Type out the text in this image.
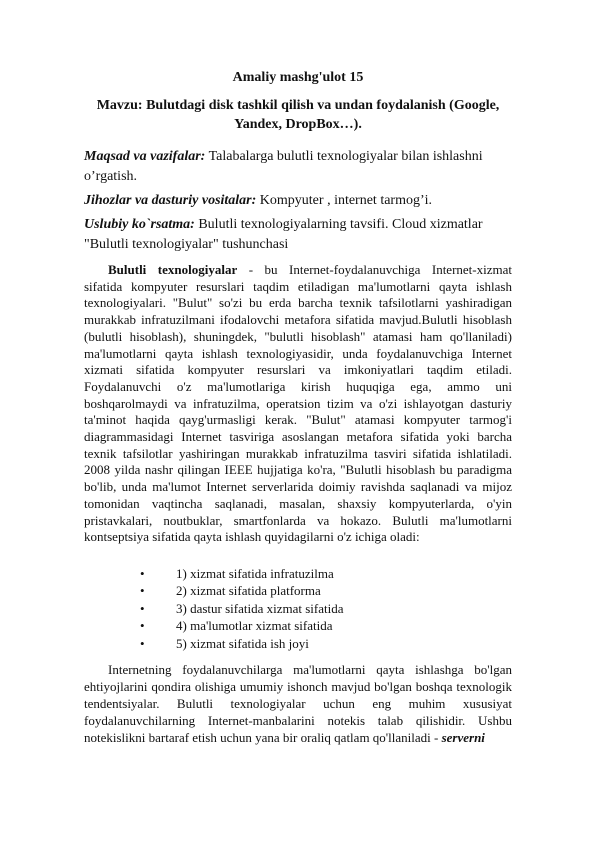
Amaliy mashg'ulot 15
Mavzu: Bulutdagi disk tashkil qilish va undan foydalanish (Google, Yandex, DropBox…).
Maqsad va vazifalar: Talabalarga bulutli texnologiyalar bilan ishlashni o’rgatish.
Jihozlar va dasturiy vositalar: Kompyuter , internet tarmog’i.
Uslubiy ko`rsatma: Bulutli texnologiyalarning tavsifi. Cloud xizmatlar "Bulutli texnologiyalar" tushunchasi
Bulutli texnologiyalar - bu Internet-foydalanuvchiga Internet-xizmat sifatida kompyuter resurslari taqdim etiladigan ma'lumotlarni qayta ishlash texnologiyalari. "Bulut" so'zi bu erda barcha texnik tafsilotlarni yashiradigan murakkab infratuzilmani ifodalovchi metafora sifatida mavjud.Bulutli hisoblash (bulutli hisoblash), shuningdek, "bulutli hisoblash" atamasi ham qo'llaniladi) ma'lumotlarni qayta ishlash texnologiyasidir, unda foydalanuvchiga Internet xizmati sifatida kompyuter resurslari va imkoniyatlari taqdim etiladi. Foydalanuvchi o'z ma'lumotlariga kirish huquqiga ega, ammo uni boshqarolmaydi va infratuzilma, operatsion tizim va o'zi ishlayotgan dasturiy ta'minot haqida qayg'urmasligi kerak. "Bulut" atamasi kompyuter tarmog'i diagrammasidagi Internet tasviriga asoslangan metafora sifatida yoki barcha texnik tafsilotlar yashiringan murakkab infratuzilma tasviri sifatida ishlatiladi. 2008 yilda nashr qilingan IEEE hujjatiga ko'ra, "Bulutli hisoblash bu paradigma bo'lib, unda ma'lumot Internet serverlarida doimiy ravishda saqlanadi va mijoz tomonidan vaqtincha saqlanadi, masalan, shaxsiy kompyuterlarda, o'yin pristavkalari, noutbuklar, smartfonlarda va hokazo. Bulutli ma'lumotlarni kontseptsiya sifatida qayta ishlash quyidagilarni o'z ichiga oladi:
• 1) xizmat sifatida infratuzilma
• 2) xizmat sifatida platforma
• 3) dastur sifatida xizmat sifatida
• 4) ma'lumotlar xizmat sifatida
• 5) xizmat sifatida ish joyi
Internetning foydalanuvchilarga ma'lumotlarni qayta ishlashga bo'lgan ehtiyojlarini qondira olishiga umumiy ishonch mavjud bo'lgan boshqa texnologik tendentsiyalar. Bulutli texnologiyalar uchun eng muhim xususiyat foydalanuvchilarning Internet-manbalarini notekis talab qilishidir. Ushbu notekislikni bartaraf etish uchun yana bir oraliq qatlam qo'llaniladi - serverni
